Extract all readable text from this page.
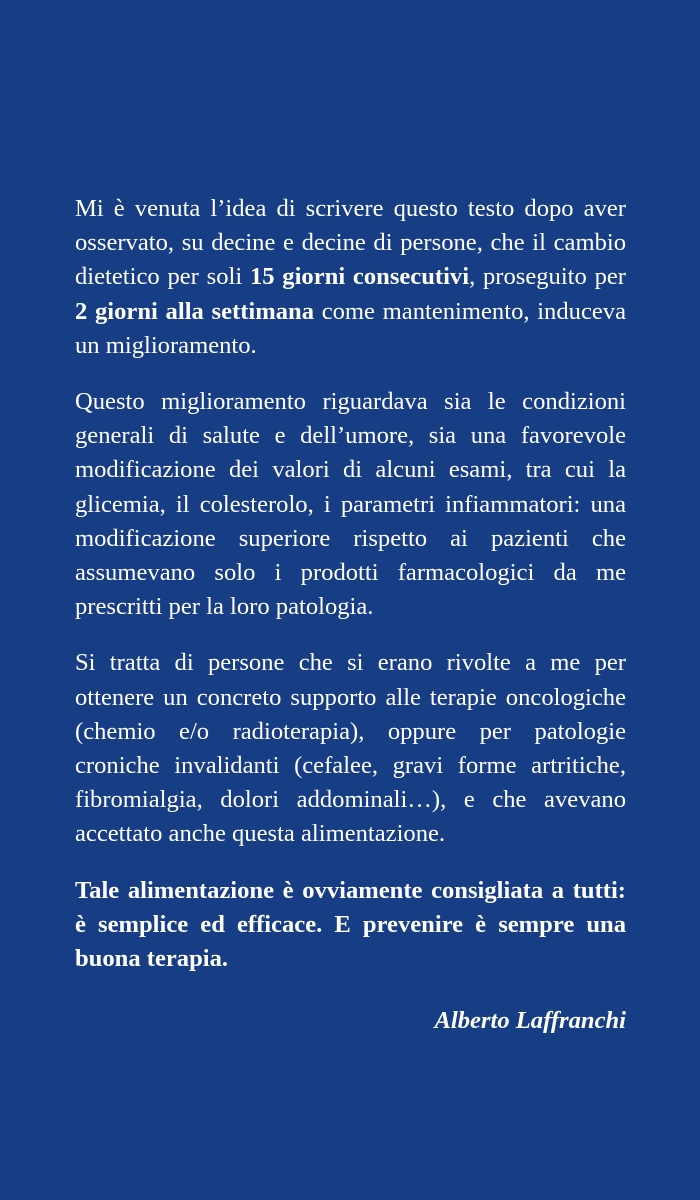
Mi è venuta l’idea di scrivere questo testo dopo aver osservato, su decine e decine di persone, che il cambio dietetico per soli 15 giorni consecutivi, proseguito per 2 giorni alla settimana come mantenimento, induceva un miglioramento.

Questo miglioramento riguardava sia le condizioni generali di salute e dell’umore, sia una favorevole modificazione dei valori di alcuni esami, tra cui la glicemia, il colesterolo, i parametri infiammatori: una modificazione superiore rispetto ai pazienti che assumevano solo i prodotti farmacologici da me prescritti per la loro patologia.

Si tratta di persone che si erano rivolte a me per ottenere un concreto supporto alle terapie oncologiche (chemio e/o radioterapia), oppure per patologie croniche invalidanti (cefalee, gravi forme artritiche, fibromialgia, dolori addominali…), e che avevano accettato anche questa alimentazione.

Tale alimentazione è ovviamente consigliata a tutti: è semplice ed efficace. E prevenire è sempre una buona terapia.

Alberto Laffranchi
